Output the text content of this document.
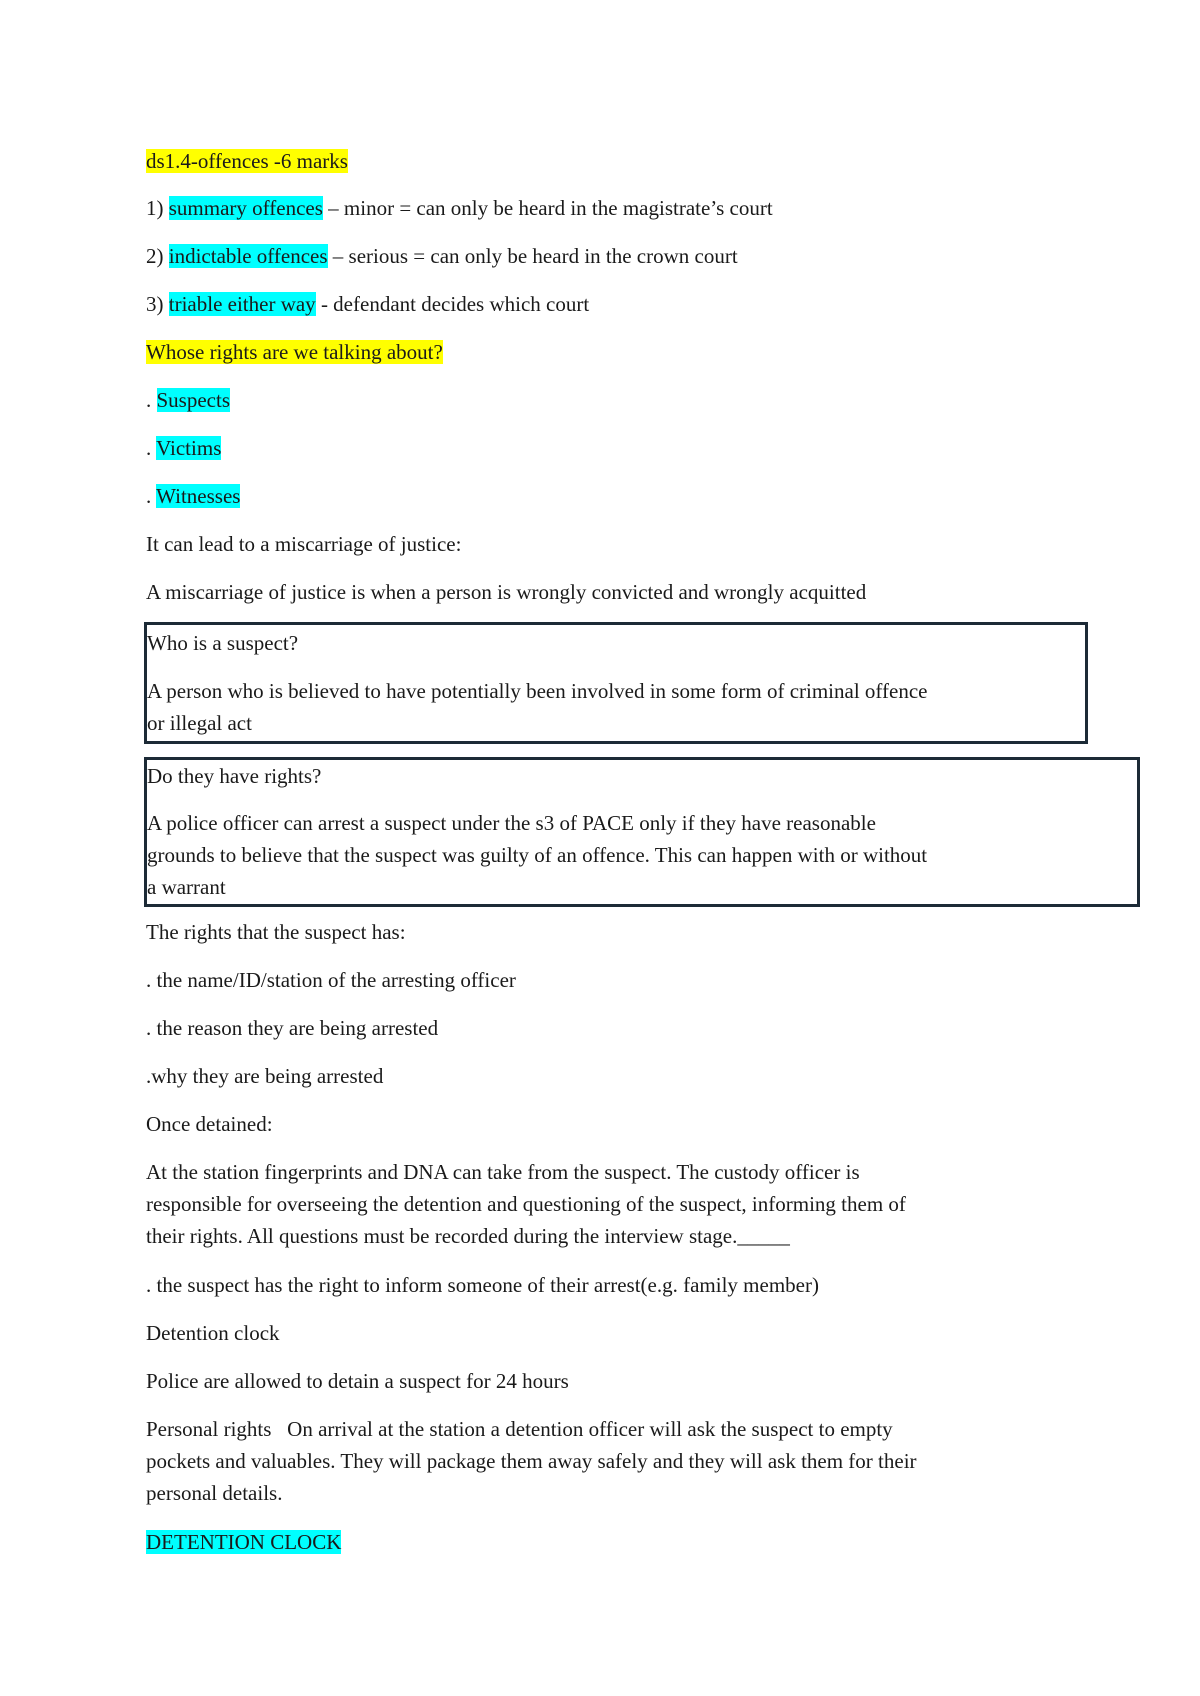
ds1.4-offences -6 marks
1) summary offences – minor = can only be heard in the magistrate’s court
2) indictable offences – serious = can only be heard in the crown court
3) triable either way - defendant decides which court
Whose rights are we talking about?
. Suspects
. Victims
. Witnesses
It can lead to a miscarriage of justice:
A miscarriage of justice is when a person is wrongly convicted and wrongly acquitted
Who is a suspect?
A person who is believed to have potentially been involved in some form of criminal offence
or illegal act
Do they have rights?
A police officer can arrest a suspect under the s3 of PACE only if they have reasonable
grounds to believe that the suspect was guilty of an offence. This can happen with or without
a warrant
The rights that the suspect has:
. the name/ID/station of the arresting officer
. the reason they are being arrested
.why they are being arrested
Once detained:
At the station fingerprints and DNA can take from the suspect. The custody officer is
responsible for overseeing the detention and questioning of the suspect, informing them of
their rights. All questions must be recorded during the interview stage._____
. the suspect has the right to inform someone of their arrest(e.g. family member)
Detention clock
Police are allowed to detain a suspect for 24 hours
Personal rights   On arrival at the station a detention officer will ask the suspect to empty
pockets and valuables. They will package them away safely and they will ask them for their
personal details.
DETENTION CLOCK
